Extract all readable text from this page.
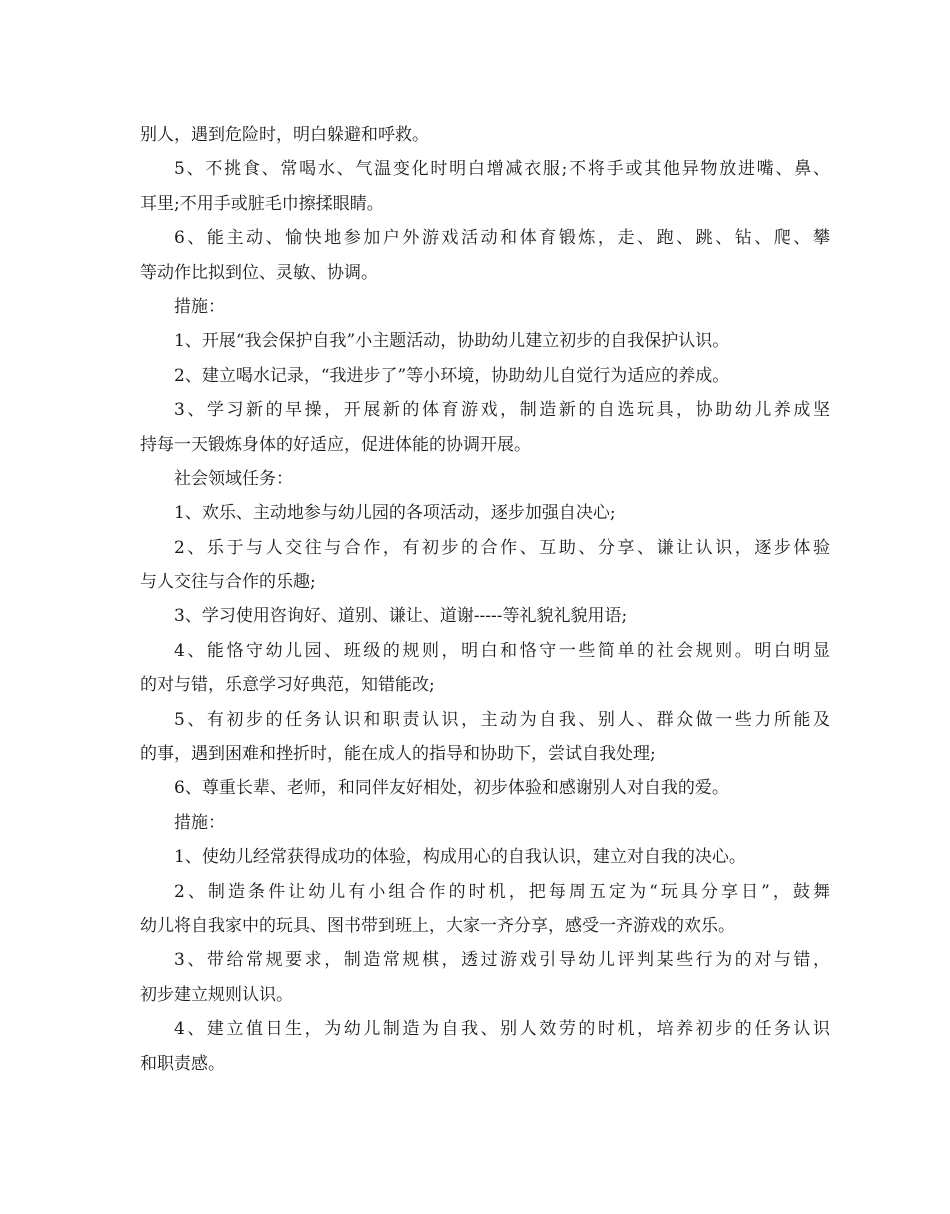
别人，遇到危险时，明白躲避和呼救。
5、不挑食、常喝水、气温变化时明白增减衣服;不将手或其他异物放进嘴、鼻、
耳里;不用手或脏毛巾擦揉眼睛。
6、能主动、愉快地参加户外游戏活动和体育锻炼，走、跑、跳、钻、爬、攀
等动作比拟到位、灵敏、协调。
措施：
1、开展“我会保护自我”小主题活动，协助幼儿建立初步的自我保护认识。
2、建立喝水记录，“我进步了”等小环境，协助幼儿自觉行为适应的养成。
3、学习新的早操，开展新的体育游戏，制造新的自选玩具，协助幼儿养成坚
持每一天锻炼身体的好适应，促进体能的协调开展。
社会领域任务：
1、欢乐、主动地参与幼儿园的各项活动，逐步加强自决心;
2、乐于与人交往与合作，有初步的合作、互助、分享、谦让认识，逐步体验
与人交往与合作的乐趣;
3、学习使用咨询好、道别、谦让、道谢-----等礼貌礼貌用语;
4、能恪守幼儿园、班级的规则，明白和恪守一些简单的社会规则。明白明显
的对与错，乐意学习好典范，知错能改;
5、有初步的任务认识和职责认识，主动为自我、别人、群众做一些力所能及
的事，遇到困难和挫折时，能在成人的指导和协助下，尝试自我处理;
6、尊重长辈、老师，和同伴友好相处，初步体验和感谢别人对自我的爱。
措施：
1、使幼儿经常获得成功的体验，构成用心的自我认识，建立对自我的决心。
2、制造条件让幼儿有小组合作的时机，把每周五定为“玩具分享日”，鼓舞
幼儿将自我家中的玩具、图书带到班上，大家一齐分享，感受一齐游戏的欢乐。
3、带给常规要求，制造常规棋，透过游戏引导幼儿评判某些行为的对与错，
初步建立规则认识。
4、建立值日生，为幼儿制造为自我、别人效劳的时机，培养初步的任务认识
和职责感。
